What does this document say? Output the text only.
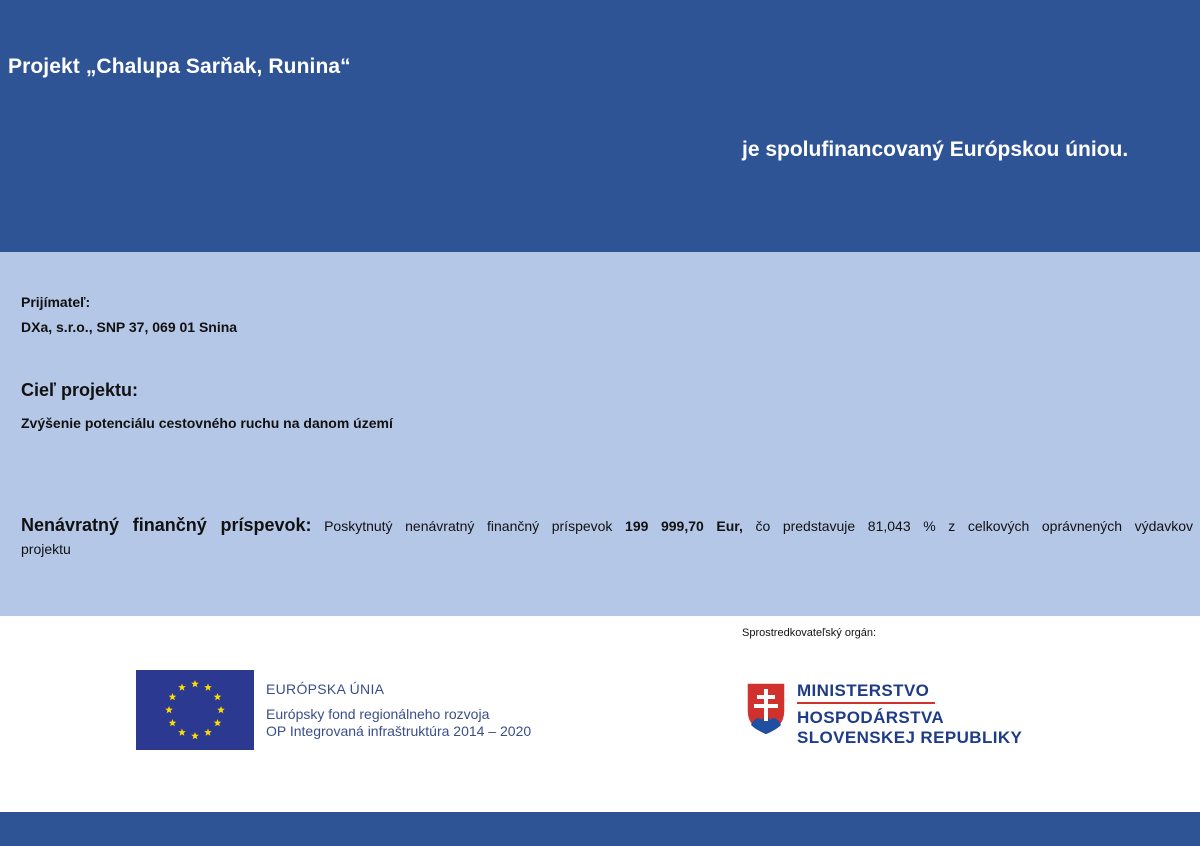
Projekt „Chalupa Sarňak, Runina“
je spolufinancovaný Európskou úniou.
Prijímateľ:
DXa, s.r.o., SNP 37, 069 01 Snina
Cieľ projektu:
Zvýšenie potenciálu cestovného ruchu na danom území
Nenávratný finančný príspevok: Poskytnutý nenávratný finančný príspevok 199 999,70 Eur, čo predstavuje 81,043 % z celkových oprávnených výdavkov
projektu
Sprostredkovateľský orgán:
EURÓPSKA ÚNIA
Európsky fond regionálneho rozvoja
OP Integrovaná infraštruktúra 2014 – 2020
MINISTERSTVO
HOSPODÁRSTVA
SLOVENSKEJ REPUBLIKY
